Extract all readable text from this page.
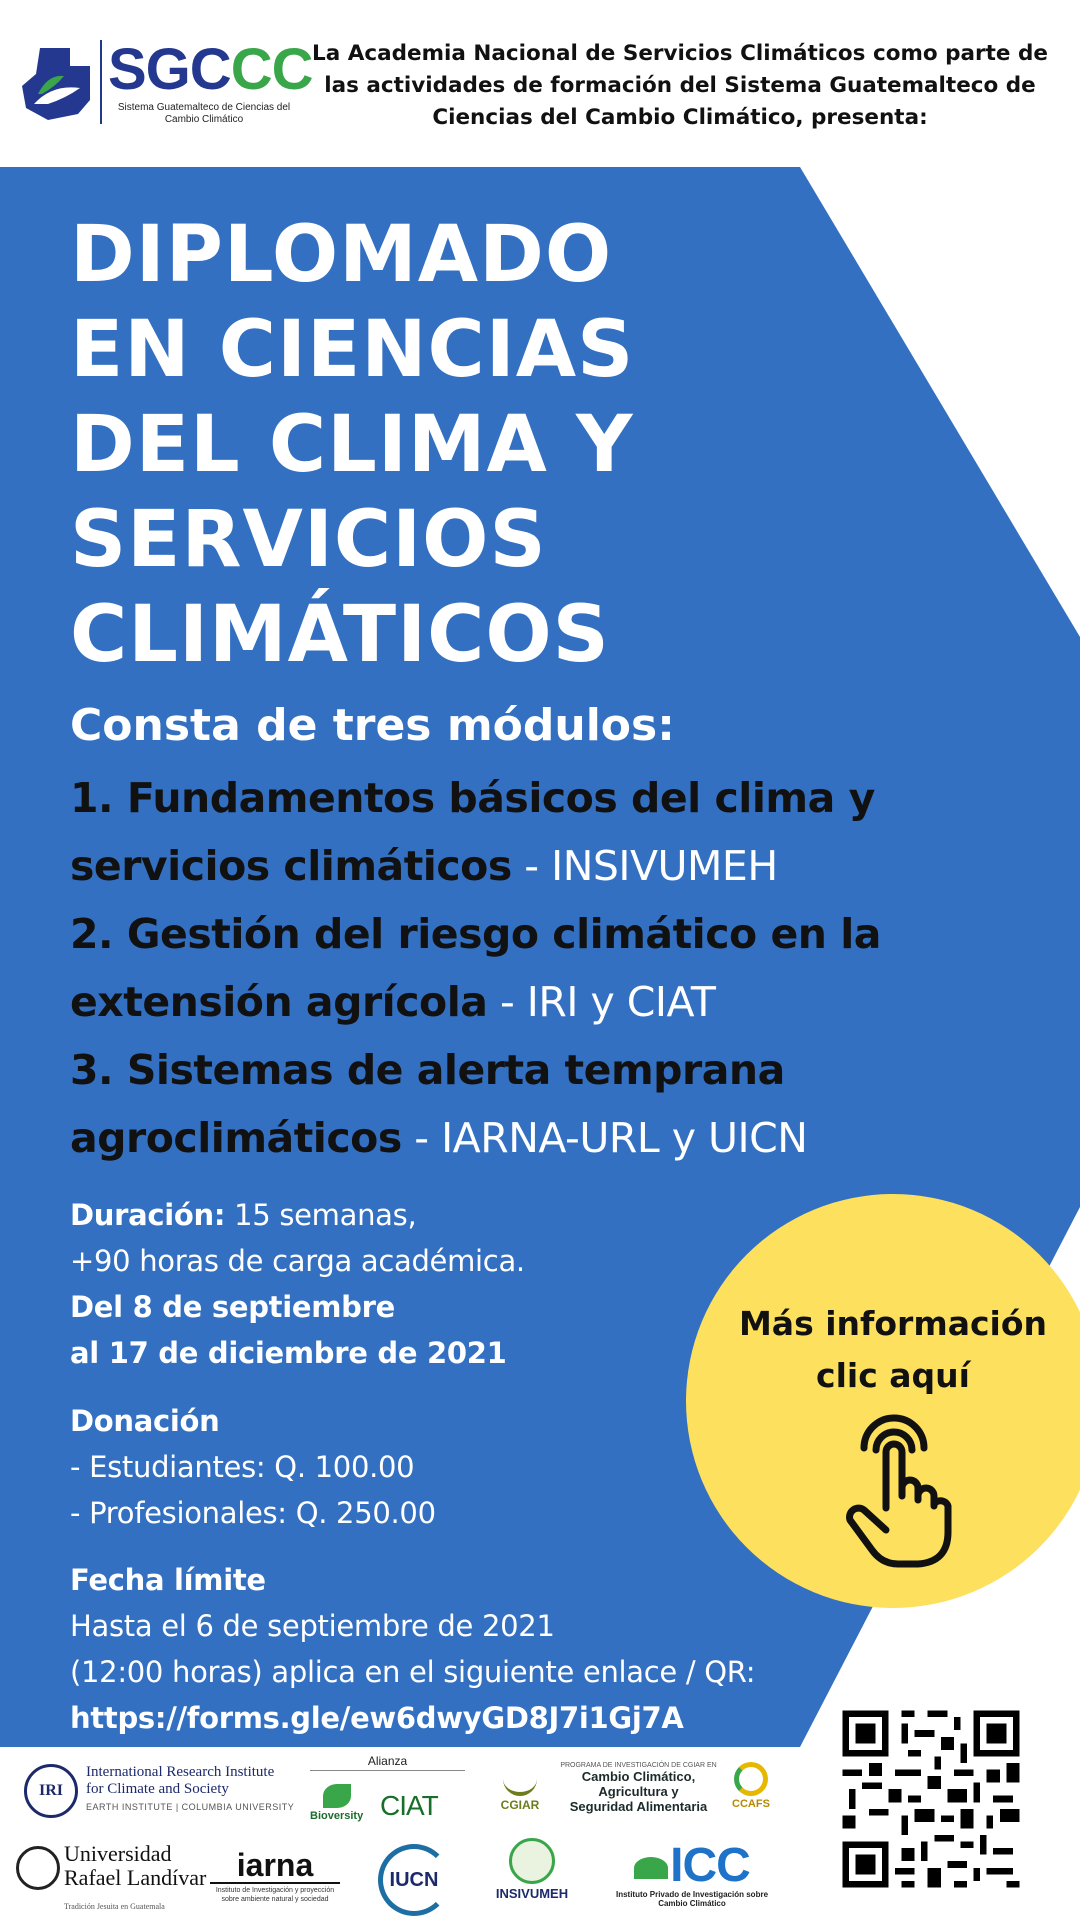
SGCCC
Sistema Guatemalteco de Ciencias del Cambio Climático
La Academia Nacional de Servicios Climáticos como parte de las actividades de formación del Sistema Guatemalteco de Ciencias del Cambio Climático, presenta:
DIPLOMADO
EN CIENCIAS
DEL CLIMA Y
SERVICIOS
CLIMÁTICOS
Consta de tres módulos:
1. Fundamentos básicos del clima y
servicios climáticos - INSIVUMEH
2. Gestión del riesgo climático en la
extensión agrícola - IRI y CIAT
3. Sistemas de alerta temprana
agroclimáticos - IARNA-URL y UICN
Duración: 15 semanas,
+90 horas de carga académica.
Del 8 de septiembre
al 17 de diciembre de 2021
Donación
- Estudiantes: Q. 100.00
- Profesionales: Q. 250.00
Fecha límite
Hasta el 6 de septiembre de 2021
(12:00 horas) aplica en el siguiente enlace / QR:
https://forms.gle/ew6dwyGD8J7i1Gj7A
Más información
clic aquí
IRI
International Research Institute
for Climate and Society
EARTH INSTITUTE | COLUMBIA UNIVERSITY
Alianza
Bioversity CIAT	CGIAR
PROGRAMA DE INVESTIGACIÓN DE CGIAR EN
Cambio Climático,
Agricultura y
Seguridad Alimentaria	CCAFS
Universidad
Rafael Landívar
Tradición Jesuita en Guatemala
iarna
Instituto de Investigación y proyección sobre ambiente natural y sociedad
IUCN
INSIVUMEH
ICC
Instituto Privado de Investigación sobre Cambio Climático
